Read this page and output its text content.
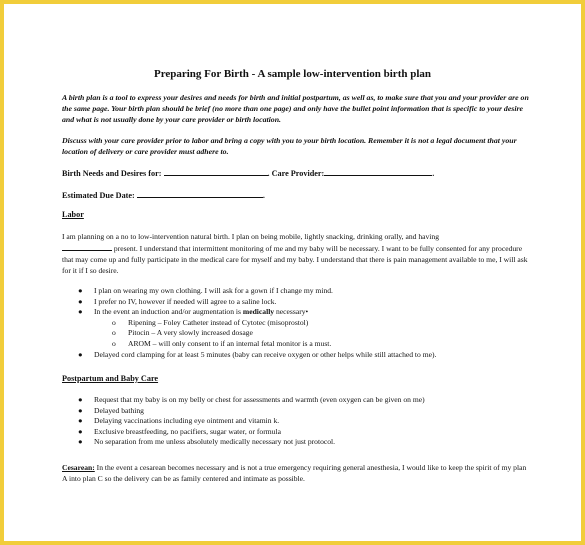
Preparing For Birth - A sample low-intervention birth plan
A birth plan is a tool to express your desires and needs for birth and initial postpartum, as well as, to make sure that you and your provider are on the same page. Your birth plan should be brief (no more than one page) and only have the bullet point information that is specific to your desire and what is not usually done by your care provider or birth location.
Discuss with your care provider prior to labor and bring a copy with you to your birth location. Remember it is not a legal document that your location of delivery or care provider must adhere to.
Birth Needs and Desires for:	. Care Provider:	.
Estimated Due Date:	.
Labor
I am planning on a no to low-intervention natural birth. I plan on being mobile, lightly snacking, drinking orally, and having
present. I understand that intermittent monitoring of me and my baby will be necessary. I want to be fully consented for any procedure that may come up and fully participate in the medical care for myself and my baby. I understand that there is pain management available to me, I will ask for it if I so desire.
● I plan on wearing my own clothing. I will ask for a gown if I change my mind.
● I prefer no IV, however if needed will agree to a saline lock.
● In the event an induction and/or augmentation is medically necessary•
o Ripening – Foley Catheter instead of Cytotec (misoprostol)
o Pitocin – A very slowly increased dosage
o AROM – will only consent to if an internal fetal monitor is a must.
● Delayed cord clamping for at least 5 minutes (baby can receive oxygen or other helps while still attached to me).
Postpartum and Baby Care
● Request that my baby is on my belly or chest for assessments and warmth (even oxygen can be given on me)
● Delayed bathing
● Delaying vaccinations including eye ointment and vitamin k.
● Exclusive breastfeeding, no pacifiers, sugar water, or formula
● No separation from me unless absolutely medically necessary not just protocol.
Cesarean: In the event a cesarean becomes necessary and is not a true emergency requiring general anesthesia, I would like to keep the spirit of my plan A into plan C so the delivery can be as family centered and intimate as possible.
